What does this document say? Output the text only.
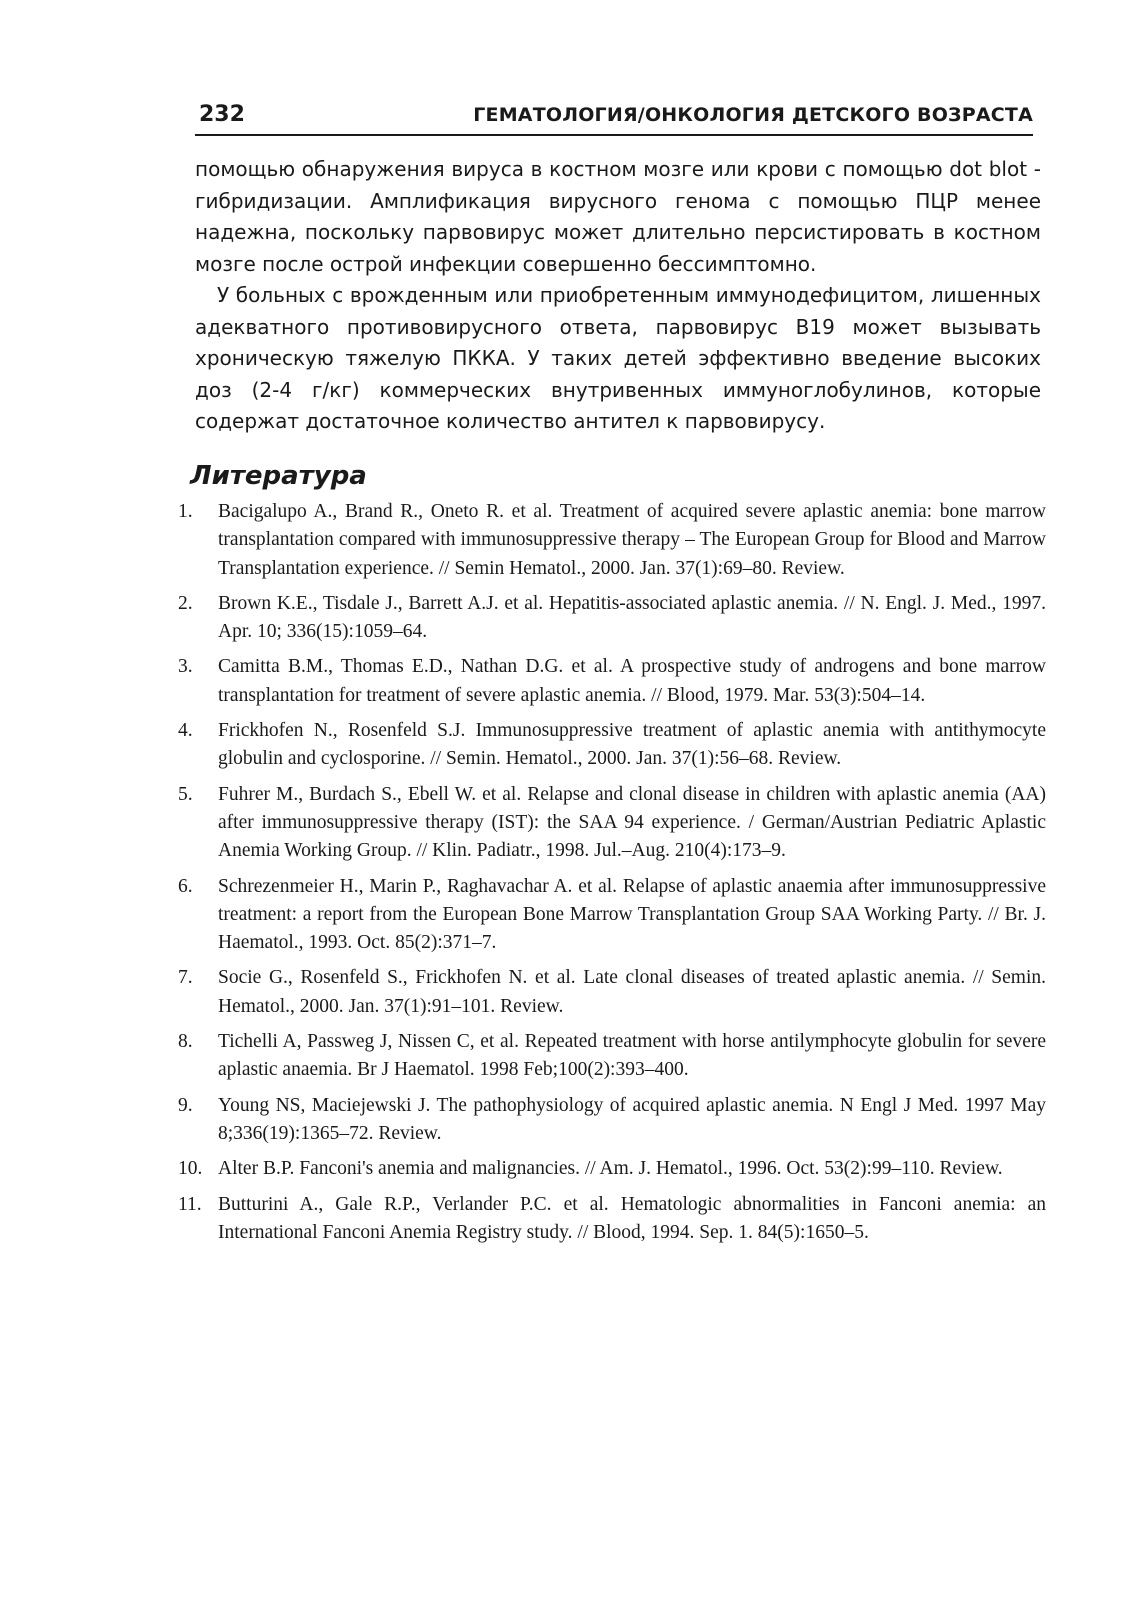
232	ГЕМАТОЛОГИЯ/ОНКОЛОГИЯ ДЕТСКОГО ВОЗРАСТА

помощью обнаружения вируса в костном мозге или крови с помощью dot blot - гибридизации. Амплификация вирусного генома с помощью ПЦР менее надежна, поскольку парвовирус может длительно персистировать в костном мозге после острой инфекции совершенно бессимптомно.

У больных с врожденным или приобретенным иммунодефицитом, лишенных адекватного противовирусного ответа, парвовирус В19 может вызывать хроническую тяжелую ПККА. У таких детей эффективно введение высоких доз (2-4 г/кг) коммерческих внутривенных иммуноглобулинов, которые содержат достаточное количество антител к парвовирусу.

Литература
1.	Bacigalupo A., Brand R., Oneto R. et al. Treatment of acquired severe aplastic anemia: bone marrow transplantation compared with immunosuppressive therapy – The European Group for Blood and Marrow Transplantation experience. // Semin Hematol., 2000. Jan. 37(1):69–80. Review.
2.	Brown K.E., Tisdale J., Barrett A.J. et al. Hepatitis-associated aplastic anemia. // N. Engl. J. Med., 1997. Apr. 10; 336(15):1059–64.
3.	Camitta B.M., Thomas E.D., Nathan D.G. et al. A prospective study of androgens and bone marrow transplantation for treatment of severe aplastic anemia. // Blood, 1979. Mar. 53(3):504–14.
4.	Frickhofen N., Rosenfeld S.J. Immunosuppressive treatment of aplastic anemia with antithymocyte globulin and cyclosporine. // Semin. Hematol., 2000. Jan. 37(1):56–68. Review.
5.	Fuhrer M., Burdach S., Ebell W. et al. Relapse and clonal disease in children with aplastic anemia (AA) after immunosuppressive therapy (IST): the SAA 94 experience. / German/Austrian Pediatric Aplastic Anemia Working Group. // Klin. Padiatr., 1998. Jul.–Aug. 210(4):173–9.
6.	Schrezenmeier H., Marin P., Raghavachar A. et al. Relapse of aplastic anaemia after immunosuppressive treatment: a report from the European Bone Marrow Transplantation Group SAA Working Party. // Br. J. Haematol., 1993. Oct. 85(2):371–7.
7.	Socie G., Rosenfeld S., Frickhofen N. et al. Late clonal diseases of treated aplastic anemia. // Semin. Hematol., 2000. Jan. 37(1):91–101. Review.
8.	Tichelli A, Passweg J, Nissen C, et al. Repeated treatment with horse antilymphocyte globulin for severe aplastic anaemia. Br J Haematol. 1998 Feb;100(2):393–400.
9.	Young NS, Maciejewski J. The pathophysiology of acquired aplastic anemia. N Engl J Med. 1997 May 8;336(19):1365–72. Review.
10. Alter B.P. Fanconi's anemia and malignancies. // Am. J. Hematol., 1996. Oct. 53(2):99–110. Review.
11. Butturini A., Gale R.P., Verlander P.C. et al. Hematologic abnormalities in Fanconi anemia: an International Fanconi Anemia Registry study. // Blood, 1994. Sep. 1. 84(5):1650–5.
